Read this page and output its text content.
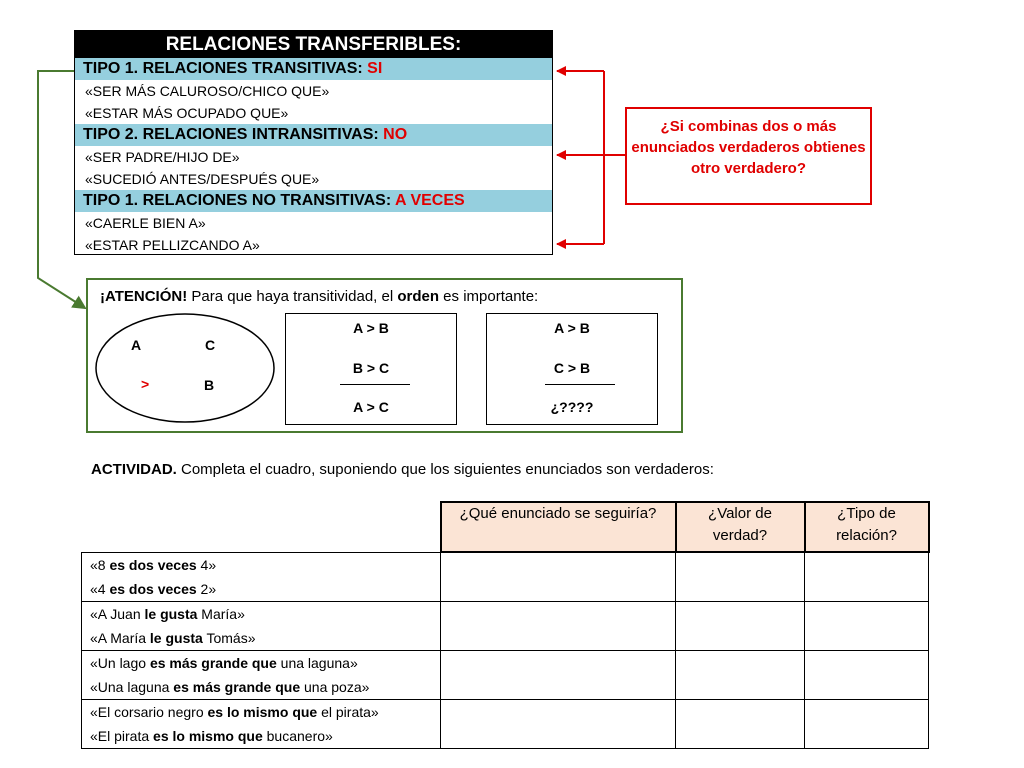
RELACIONES TRANSFERIBLES:
TIPO 1. RELACIONES TRANSITIVAS: SI
«SER MÁS CALUROSO/CHICO QUE»
«ESTAR MÁS OCUPADO QUE»
TIPO 2. RELACIONES INTRANSITIVAS: NO
«SER PADRE/HIJO DE»
«SUCEDIÓ ANTES/DESPUÉS QUE»
TIPO 1. RELACIONES NO TRANSITIVAS: A VECES
«CAERLE BIEN A»
«ESTAR PELLIZCANDO A»
¿Si combinas dos o más enunciados verdaderos obtienes otro verdadero?
¡ATENCIÓN! Para que haya transitividad, el orden es importante:
A	C
>	B
A > B
B > C
A > C
A > B
C > B
¿????
ACTIVIDAD. Completa el cuadro, suponiendo que los siguientes enunciados son verdaderos:
	¿Qué enunciado se seguiría?	¿Valor de verdad?	¿Tipo de relación?

«8 es dos veces 4»
«4 es dos veces 2»			

«A Juan le gusta María»
«A María le gusta Tomás»			

«Un lago es más grande que una laguna»
«Una laguna es más grande que una poza»			

«El corsario negro es lo mismo que el pirata»
«El pirata es lo mismo que bucanero»			
